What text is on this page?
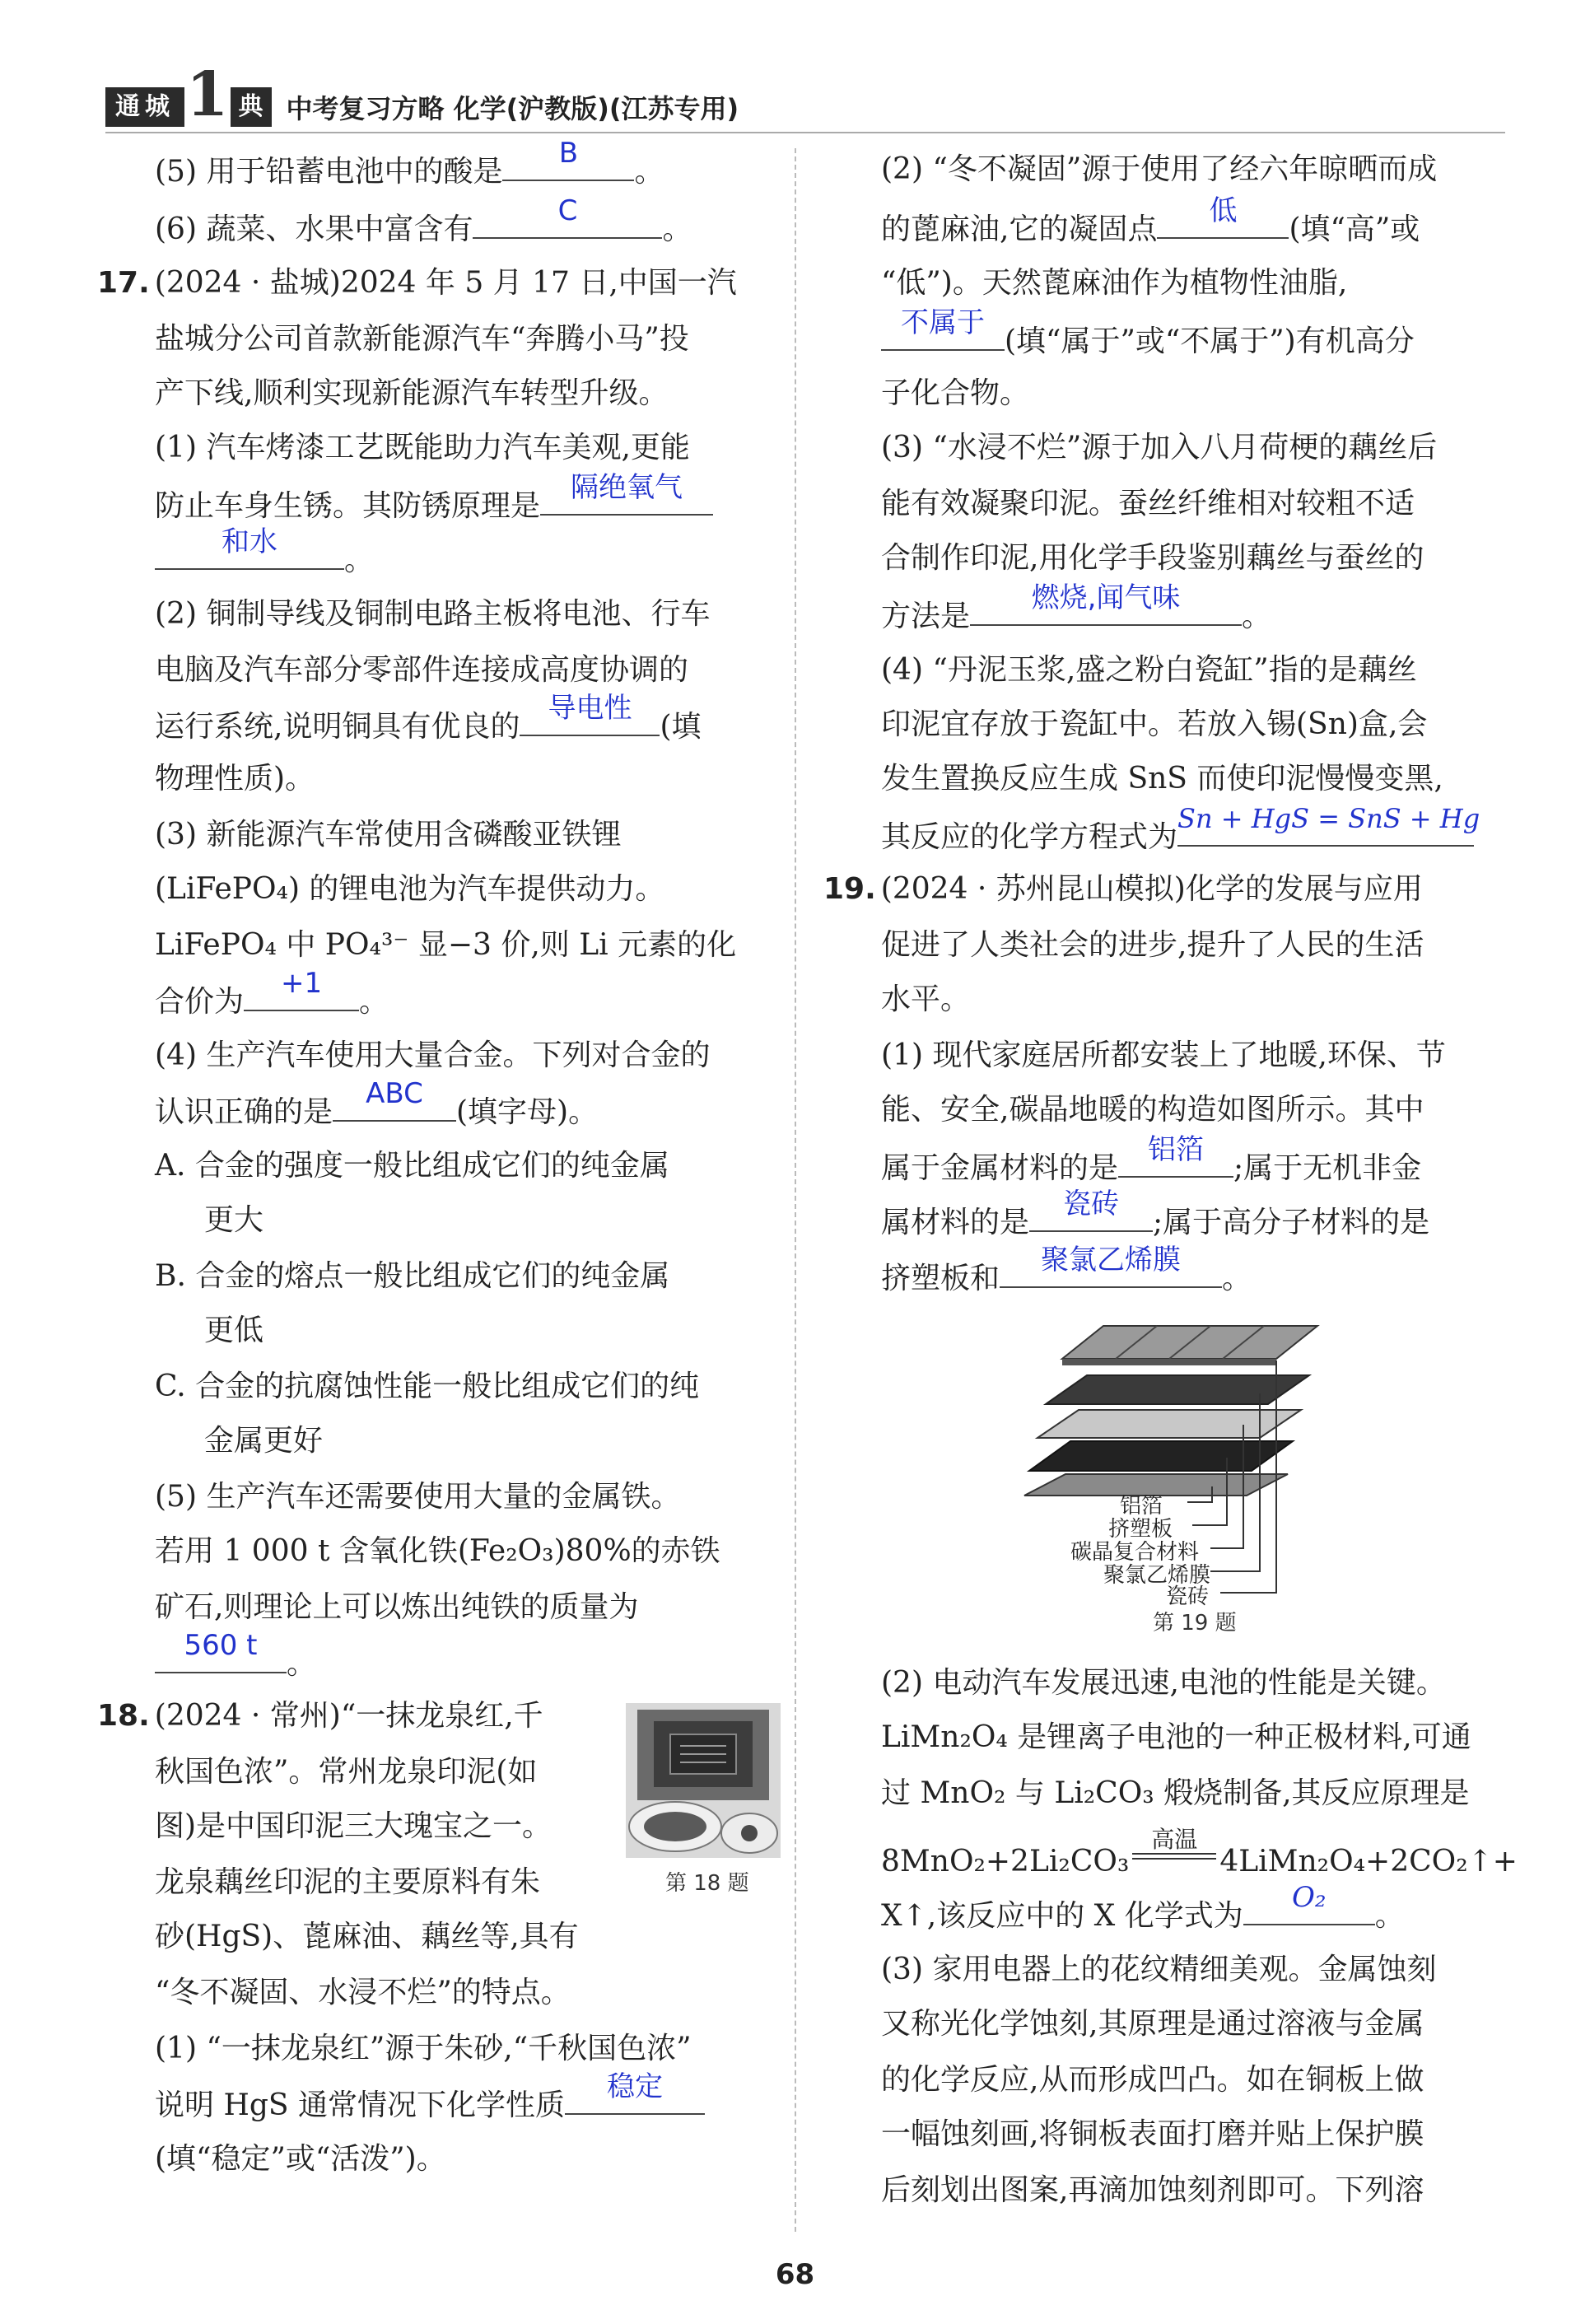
通城 1 典 中考复习方略 化学(沪教版)(江苏专用)
(5) 用于铅蓄电池中的酸是
B
。
(6) 蔬菜、水果中富含有
C
。
17. (2024 · 盐城)2024 年 5 月 17 日,中国一汽
盐城分公司首款新能源汽车“奔腾小马”投
产下线,顺利实现新能源汽车转型升级。
(1) 汽车烤漆工艺既能助力汽车美观,更能
防止车身生锈。其防锈原理是
隔绝氧气
和水
。
(2) 铜制导线及铜制电路主板将电池、行车
电脑及汽车部分零部件连接成高度协调的
运行系统,说明铜具有优良的
导电性
(填
物理性质)。
(3) 新能源汽车常使用含磷酸亚铁锂
(LiFePO₄) 的锂电池为汽车提供动力。
LiFePO₄ 中 PO₄³⁻ 显−3 价,则 Li 元素的化
合价为
+1
。
(4) 生产汽车使用大量合金。下列对合金的
认识正确的是
ABC
(填字母)。
A. 合金的强度一般比组成它们的纯金属
更大
B. 合金的熔点一般比组成它们的纯金属
更低
C. 合金的抗腐蚀性能一般比组成它们的纯
金属更好
(5) 生产汽车还需要使用大量的金属铁。
若用 1 000 t 含氧化铁(Fe₂O₃)80%的赤铁
矿石,则理论上可以炼出纯铁的质量为
560 t
。
18. (2024 · 常州)“一抹龙泉红,千
秋国色浓”。常州龙泉印泥(如
图)是中国印泥三大瑰宝之一。
龙泉藕丝印泥的主要原料有朱
砂(HgS)、蓖麻油、藕丝等,具有
“冬不凝固、水浸不烂”的特点。
第 18 题
(1) “一抹龙泉红”源于朱砂,“千秋国色浓”
说明 HgS 通常情况下化学性质
稳定
(填“稳定”或“活泼”)。
(2) “冬不凝固”源于使用了经六年晾晒而成
的蓖麻油,它的凝固点
低
(填“高”或
“低”)。天然蓖麻油作为植物性油脂,
不属于
(填“属于”或“不属于”)有机高分
子化合物。
(3) “水浸不烂”源于加入八月荷梗的藕丝后
能有效凝聚印泥。蚕丝纤维相对较粗不适
合制作印泥,用化学手段鉴别藕丝与蚕丝的
方法是
燃烧,闻气味
。
(4) “丹泥玉浆,盛之粉白瓷缸”指的是藕丝
印泥宜存放于瓷缸中。若放入锡(Sn)盒,会
发生置换反应生成 SnS 而使印泥慢慢变黑,
其反应的化学方程式为
Sn + HgS = SnS + Hg
19. (2024 · 苏州昆山模拟)化学的发展与应用
促进了人类社会的进步,提升了人民的生活
水平。
(1) 现代家庭居所都安装上了地暖,环保、节
能、安全,碳晶地暖的构造如图所示。其中
属于金属材料的是
铝箔
;属于无机非金
属材料的是
瓷砖
;属于高分子材料的是
挤塑板和
聚氯乙烯膜
。
铝箔
挤塑板
碳晶复合材料
聚氯乙烯膜
瓷砖
第 19 题
(2) 电动汽车发展迅速,电池的性能是关键。
LiMn₂O₄ 是锂离子电池的一种正极材料,可通
过 MnO₂ 与 Li₂CO₃ 煅烧制备,其反应原理是
8MnO₂+2Li₂CO₃
高温
4LiMn₂O₄+2CO₂↑+
X↑,该反应中的 X 化学式为
O₂
。
(3) 家用电器上的花纹精细美观。金属蚀刻
又称光化学蚀刻,其原理是通过溶液与金属
的化学反应,从而形成凹凸。如在铜板上做
一幅蚀刻画,将铜板表面打磨并贴上保护膜
后刻划出图案,再滴加蚀刻剂即可。下列溶
68
